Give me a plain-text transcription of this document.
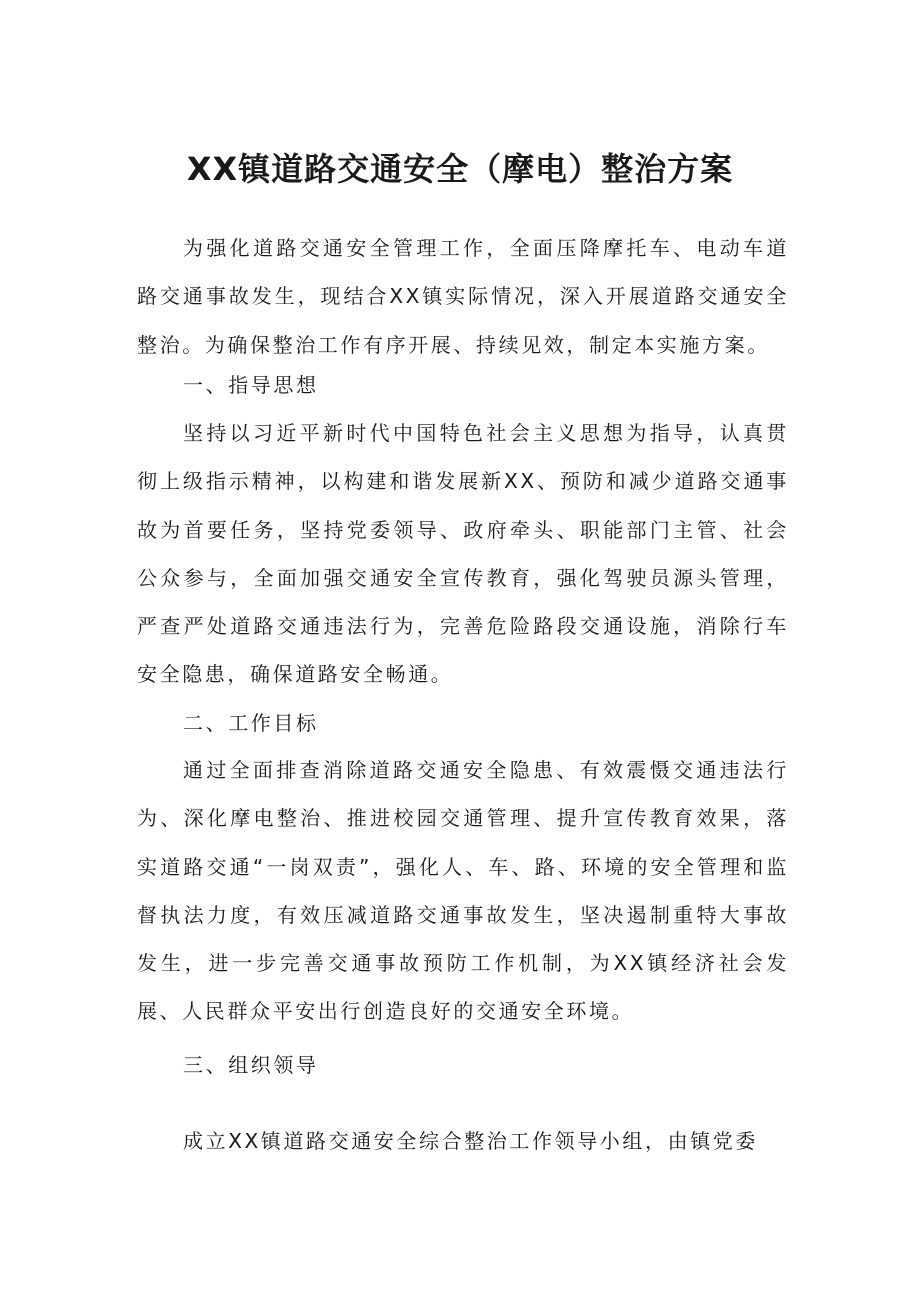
XX镇道路交通安全（摩电）整治方案

为强化道路交通安全管理工作，全面压降摩托车、电动车道路交通事故发生，现结合XX镇实际情况，深入开展道路交通安全整治。为确保整治工作有序开展、持续见效，制定本实施方案。

一、指导思想

坚持以习近平新时代中国特色社会主义思想为指导，认真贯彻上级指示精神，以构建和谐发展新XX、预防和减少道路交通事故为首要任务，坚持党委领导、政府牵头、职能部门主管、社会公众参与，全面加强交通安全宣传教育，强化驾驶员源头管理，严查严处道路交通违法行为，完善危险路段交通设施，消除行车安全隐患，确保道路安全畅通。

二、工作目标

通过全面排查消除道路交通安全隐患、有效震慑交通违法行为、深化摩电整治、推进校园交通管理、提升宣传教育效果，落实道路交通“一岗双责”，强化人、车、路、环境的安全管理和监督执法力度，有效压减道路交通事故发生，坚决遏制重特大事故发生，进一步完善交通事故预防工作机制，为XX镇经济社会发展、人民群众平安出行创造良好的交通安全环境。

三、组织领导

成立XX镇道路交通安全综合整治工作领导小组，由镇党委
